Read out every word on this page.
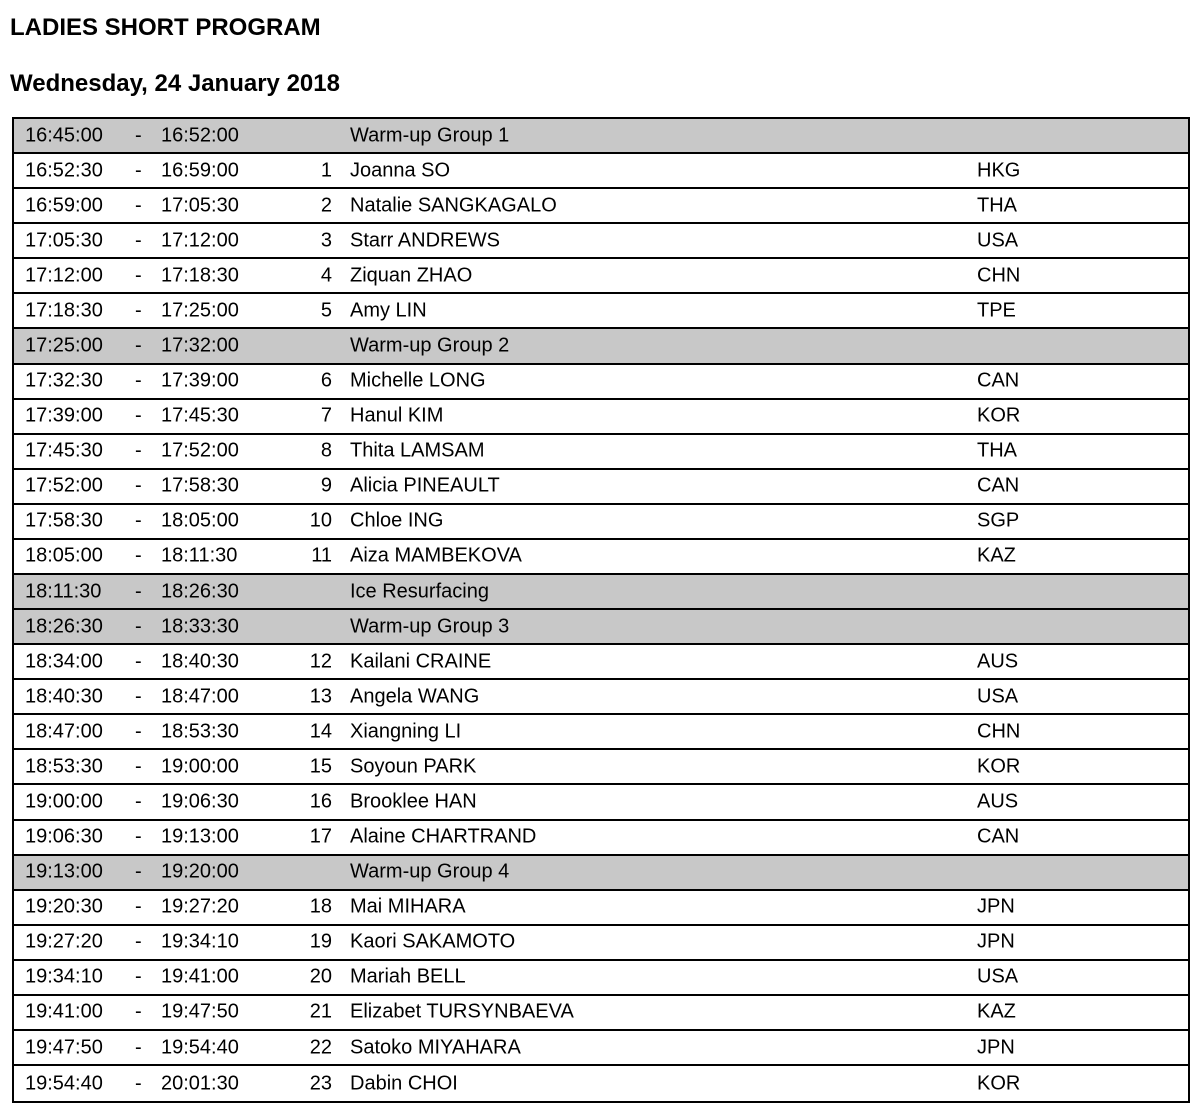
LADIES SHORT PROGRAM
Wednesday, 24 January 2018
16:45:00 - 16:52:00	Warm-up Group 1
16:52:30 - 16:59:00	1 Joanna SO	HKG
16:59:00 - 17:05:30	2 Natalie SANGKAGALO	THA
17:05:30 - 17:12:00	3 Starr ANDREWS	USA
17:12:00 - 17:18:30	4 Ziquan ZHAO	CHN
17:18:30 - 17:25:00	5 Amy LIN	TPE
17:25:00 - 17:32:00	Warm-up Group 2
17:32:30 - 17:39:00	6 Michelle LONG	CAN
17:39:00 - 17:45:30	7 Hanul KIM	KOR
17:45:30 - 17:52:00	8 Thita LAMSAM	THA
17:52:00 - 17:58:30	9 Alicia PINEAULT	CAN
17:58:30 - 18:05:00	10 Chloe ING	SGP
18:05:00 - 18:11:30	11 Aiza MAMBEKOVA	KAZ
18:11:30 - 18:26:30	Ice Resurfacing
18:26:30 - 18:33:30	Warm-up Group 3
18:34:00 - 18:40:30	12 Kailani CRAINE	AUS
18:40:30 - 18:47:00	13 Angela WANG	USA
18:47:00 - 18:53:30	14 Xiangning LI	CHN
18:53:30 - 19:00:00	15 Soyoun PARK	KOR
19:00:00 - 19:06:30	16 Brooklee HAN	AUS
19:06:30 - 19:13:00	17 Alaine CHARTRAND	CAN
19:13:00 - 19:20:00	Warm-up Group 4
19:20:30 - 19:27:20	18 Mai MIHARA	JPN
19:27:20 - 19:34:10	19 Kaori SAKAMOTO	JPN
19:34:10 - 19:41:00	20 Mariah BELL	USA
19:41:00 - 19:47:50	21 Elizabet TURSYNBAEVA	KAZ
19:47:50 - 19:54:40	22 Satoko MIYAHARA	JPN
19:54:40 - 20:01:30	23 Dabin CHOI	KOR
